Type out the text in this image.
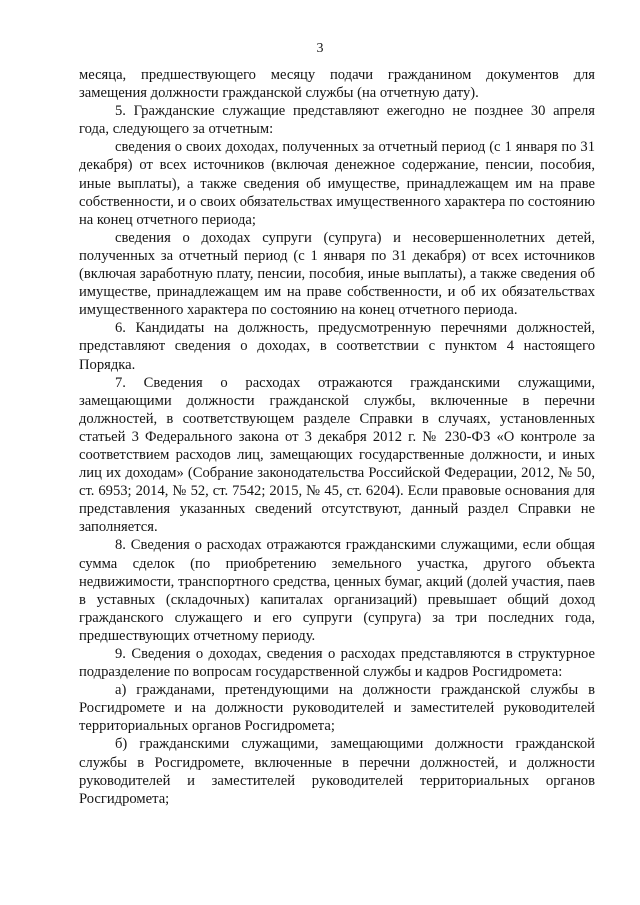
3

месяца, предшествующего месяцу подачи гражданином документов для замещения должности гражданской службы (на отчетную дату).

5. Гражданские служащие представляют ежегодно не позднее 30 апреля года, следующего за отчетным:

сведения о своих доходах, полученных за отчетный период (с 1 января по 31 декабря) от всех источников (включая денежное содержание, пенсии, пособия, иные выплаты), а также сведения об имуществе, принадлежащем им на праве собственности, и о своих обязательствах имущественного характера по состоянию на конец отчетного периода;

сведения о доходах супруги (супруга) и несовершеннолетних детей, полученных за отчетный период (с 1 января по 31 декабря) от всех источников (включая заработную плату, пенсии, пособия, иные выплаты), а также сведения об имуществе, принадлежащем им на праве собственности, и об их обязательствах имущественного характера по состоянию на конец отчетного периода.

6. Кандидаты на должность, предусмотренную перечнями должностей, представляют сведения о доходах, в соответствии с пунктом 4 настоящего Порядка.

7. Сведения о расходах отражаются гражданскими служащими, замещающими должности гражданской службы, включенные в перечни должностей, в соответствующем разделе Справки в случаях, установленных статьей 3 Федерального закона от 3 декабря 2012 г. № 230-ФЗ «О контроле за соответствием расходов лиц, замещающих государственные должности, и иных лиц их доходам» (Собрание законодательства Российской Федерации, 2012, № 50, ст. 6953; 2014, № 52, ст. 7542; 2015, № 45, ст. 6204). Если правовые основания для представления указанных сведений отсутствуют, данный раздел Справки не заполняется.

8. Сведения о расходах отражаются гражданскими служащими, если общая сумма сделок (по приобретению земельного участка, другого объекта недвижимости, транспортного средства, ценных бумаг, акций (долей участия, паев в уставных (складочных) капиталах организаций) превышает общий доход гражданского служащего и его супруги (супруга) за три последних года, предшествующих отчетному периоду.

9. Сведения о доходах, сведения о расходах представляются в структурное подразделение по вопросам государственной службы и кадров Росгидромета:

а) гражданами, претендующими на должности гражданской службы в Росгидромете и на должности руководителей и заместителей руководителей территориальных органов Росгидромета;

б) гражданскими служащими, замещающими должности гражданской службы в Росгидромете, включенные в перечни должностей, и должности руководителей и заместителей руководителей территориальных органов Росгидромета;
